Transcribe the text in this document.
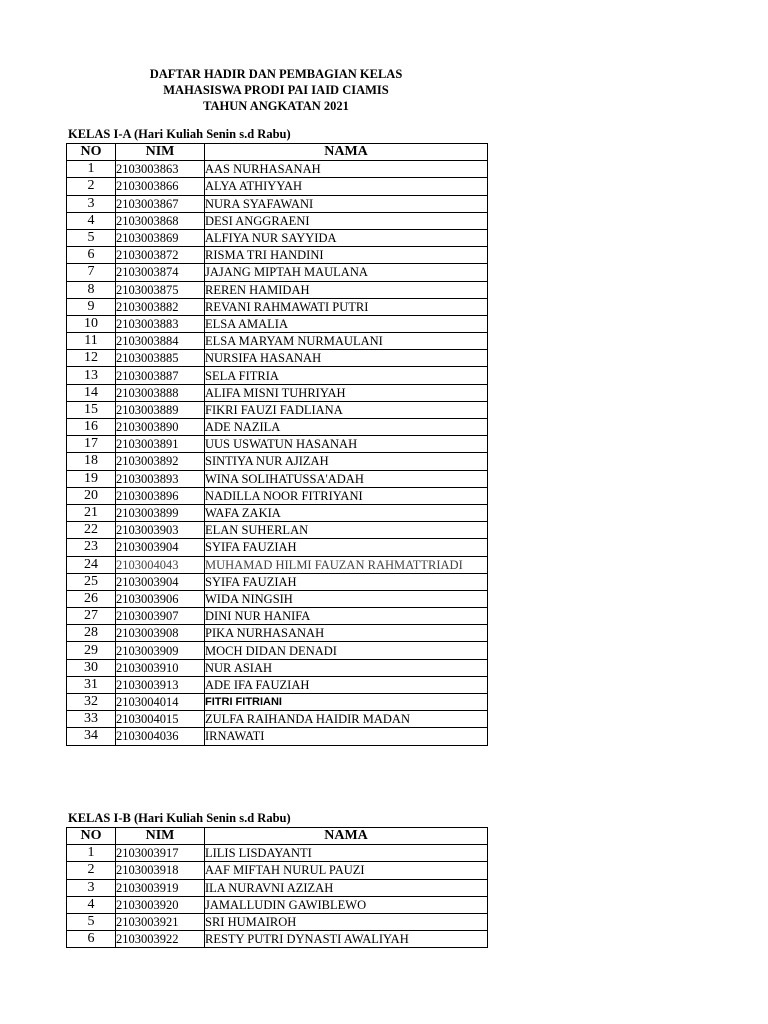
DAFTAR HADIR DAN PEMBAGIAN KELAS
MAHASISWA PRODI PAI IAID CIAMIS
TAHUN ANGKATAN 2021
KELAS I-A (Hari Kuliah Senin s.d Rabu)
NO	NIM	NAMA
1	2103003863	AAS NURHASANAH
2	2103003866	ALYA ATHIYYAH
3	2103003867	NURA SYAFAWANI
4	2103003868	DESI ANGGRAENI
5	2103003869	ALFIYA NUR SAYYIDA
6	2103003872	RISMA TRI HANDINI
7	2103003874	JAJANG MIPTAH MAULANA
8	2103003875	REREN HAMIDAH
9	2103003882	REVANI RAHMAWATI PUTRI
10	2103003883	ELSA AMALIA
11	2103003884	ELSA MARYAM NURMAULANI
12	2103003885	NURSIFA HASANAH
13	2103003887	SELA FITRIA
14	2103003888	ALIFA MISNI TUHRIYAH
15	2103003889	FIKRI FAUZI FADLIANA
16	2103003890	ADE NAZILA
17	2103003891	UUS USWATUN HASANAH
18	2103003892	SINTIYA NUR AJIZAH
19	2103003893	WINA SOLIHATUSSA'ADAH
20	2103003896	NADILLA NOOR FITRIYANI
21	2103003899	WAFA ZAKIA
22	2103003903	ELAN SUHERLAN
23	2103003904	SYIFA FAUZIAH
24	2103004043	MUHAMAD HILMI FAUZAN RAHMATTRIADI
25	2103003904	SYIFA FAUZIAH
26	2103003906	WIDA NINGSIH
27	2103003907	DINI NUR HANIFA
28	2103003908	PIKA NURHASANAH
29	2103003909	MOCH DIDAN DENADI
30	2103003910	NUR ASIAH
31	2103003913	ADE IFA FAUZIAH
32	2103004014	FITRI FITRIANI
33	2103004015	ZULFA RAIHANDA HAIDIR MADAN
34	2103004036	IRNAWATI
KELAS I-B (Hari Kuliah Senin s.d Rabu)
NO	NIM	NAMA
1	2103003917	LILIS LISDAYANTI
2	2103003918	AAF MIFTAH NURUL PAUZI
3	2103003919	ILA NURAVNI AZIZAH
4	2103003920	JAMALLUDIN GAWIBLEWO
5	2103003921	SRI HUMAIROH
6	2103003922	RESTY PUTRI DYNASTI AWALIYAH
